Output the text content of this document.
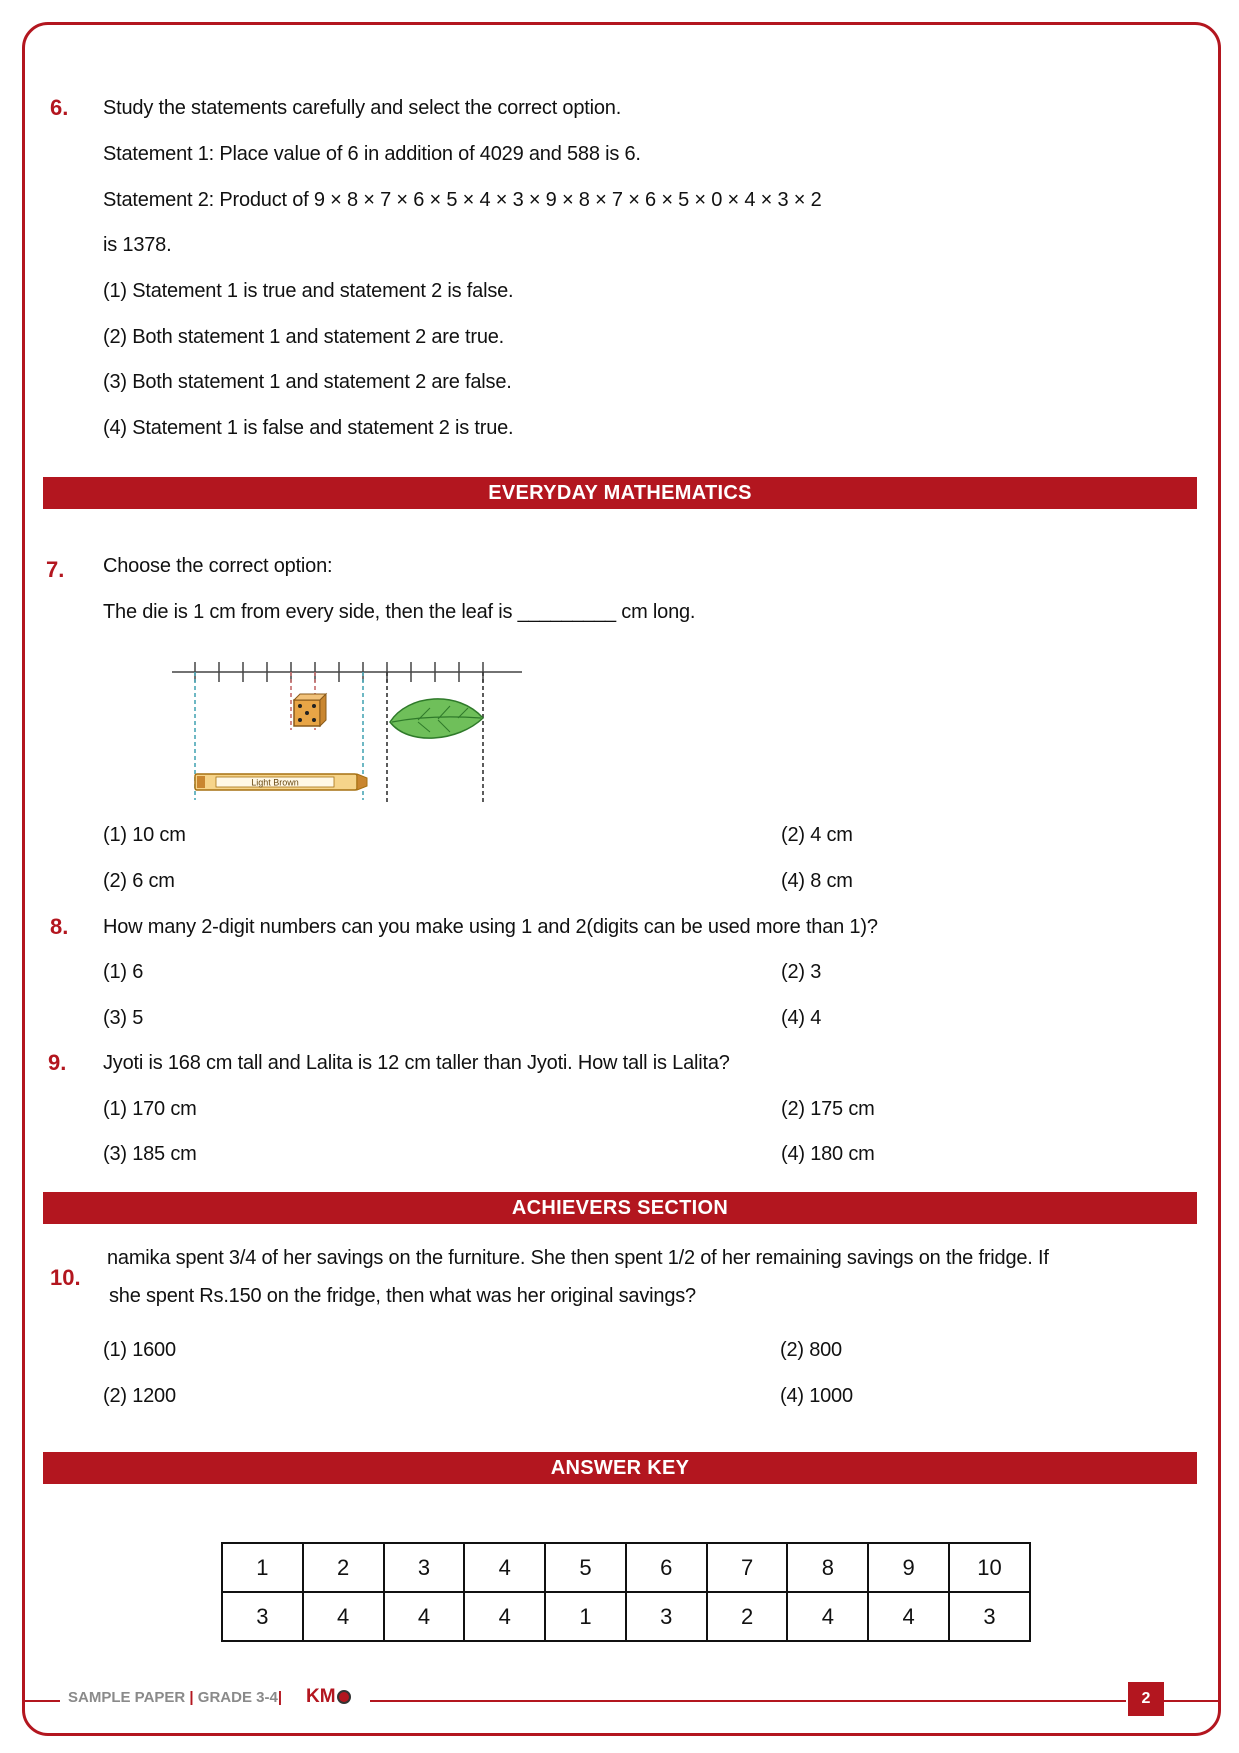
6. Study the statements carefully and select the correct option.
Statement 1: Place value of 6 in addition of 4029 and 588 is 6.
Statement 2: Product of 9 × 8 × 7 × 6 × 5 × 4 × 3 × 9 × 8 × 7 × 6 × 5 × 0 × 4 × 3 × 2
is 1378.
(1) Statement 1 is true and statement 2 is false.
(2) Both statement 1 and statement 2 are true.
(3) Both statement 1 and statement 2 are false.
(4) Statement 1 is false and statement 2 is true.
EVERYDAY MATHEMATICS
7. Choose the correct option:
The die is 1 cm from every side, then the leaf is _________ cm long.
Light Brown
(1) 10 cm	(2) 4 cm
(2) 6 cm	(4) 8 cm
8. How many 2-digit numbers can you make using 1 and 2(digits can be used more than 1)?
(1) 6	(2) 3
(3) 5	(4) 4
9. Jyoti is 168 cm tall and Lalita is 12 cm taller than Jyoti. How tall is Lalita?
(1) 170 cm	(2) 175 cm
(3) 185 cm	(4) 180 cm
ACHIEVERS SECTION
10.
namika spent 3/4 of her savings on the furniture. She then spent 1/2 of her remaining savings on the fridge. If
she spent Rs.150 on the fridge, then what was her original savings?
(1) 1600	(2) 800
(2) 1200	(4) 1000
ANSWER KEY
1	2	3	4	5	6	7	8	9	10
3	4	4	4	1	3	2	4	4	3
SAMPLE PAPER | GRADE 3-4| KM	2
